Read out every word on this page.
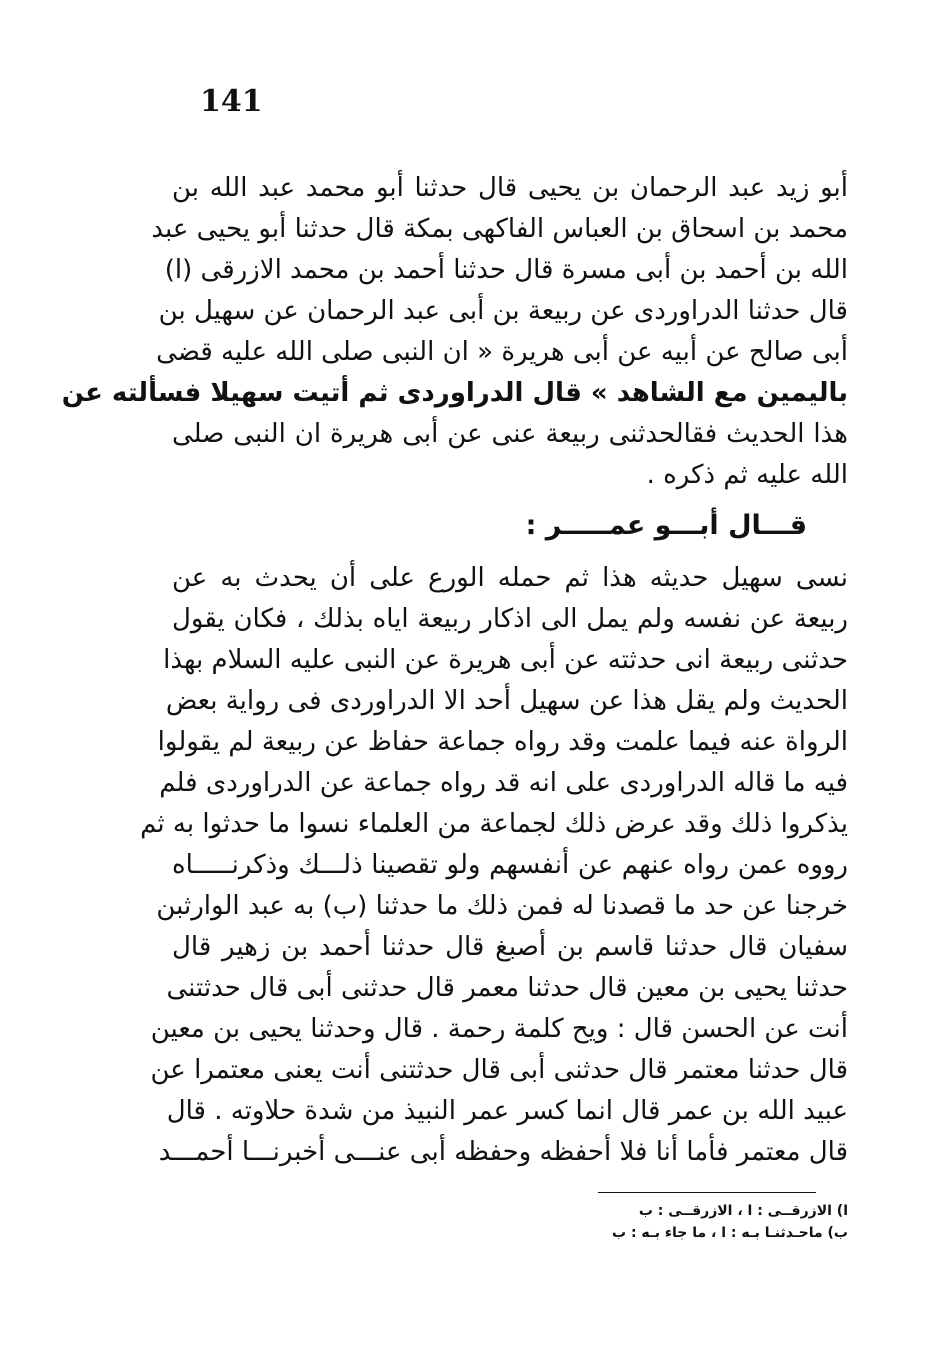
141
أبو زيد عبد الرحمان بن يحيى قال حدثنا أبو محمد عبد الله بن
محمد بن اسحاق بن العباس الفاكهى بمكة قال حدثنا أبو يحيى عبد
الله بن أحمد بن أبى مسرة قال حدثنا أحمد بن محمد الازرقى (ا)
قال حدثنا الدراوردى عن ربيعة بن أبى عبد الرحمان عن سهيل بن
أبى صالح عن أبيه عن أبى هريرة « ان النبى صلى الله عليه قضى
باليمين مع الشاهد » قال الدراوردى ثم أتيت سهيلا فسألته عن
هذا الحديث فقالحدثنى ربيعة عنى عن أبى هريرة ان النبى صلى
الله عليه ثم ذكره .
قـــال أبـــو عمـــــر :
نسى سهيل حديثه هذا ثم حمله الورع على أن يحدث به عن
ربيعة عن نفسه ولم يمل الى اذكار ربيعة اياه بذلك ، فكان يقول
حدثنى ربيعة انى حدثته عن أبى هريرة عن النبى عليه السلام بهذا
الحديث ولم يقل هذا عن سهيل أحد الا الدراوردى فى رواية بعض
الرواة عنه فيما علمت وقد رواه جماعة حفاظ عن ربيعة لم يقولوا
فيه ما قاله الدراوردى على انه قد رواه جماعة عن الدراوردى فلم
يذكروا ذلك وقد عرض ذلك لجماعة من العلماء نسوا ما حدثوا به ثم
رووه عمن رواه عنهم عن أنفسهم ولو تقصينا ذلـــك وذكرنـــــاه
خرجنا عن حد ما قصدنا له فمن ذلك ما حدثنا (ب) به عبد الوارثبن
سفيان قال حدثنا قاسم بن أصبغ قال حدثنا أحمد بن زهير قال
حدثنا يحيى بن معين قال حدثنا معمر قال حدثنى أبى قال حدثتنى
أنت عن الحسن قال : ويح كلمة رحمة . قال وحدثنا يحيى بن معين
قال حدثنا معتمر قال حدثنى أبى قال حدثتنى أنت يعنى معتمرا عن
عبيد الله بن عمر قال انما كسر عمر النبيذ من شدة حلاوته . قال
قال معتمر فأما أنا فلا أحفظه وحفظه أبى عنـــى أخبرنـــا أحمـــد
ا) الازرقــى : ا ، الازرقــى : ب
ب) ماحـدثنـا بـه : ا ، ما جاء بـه : ب
